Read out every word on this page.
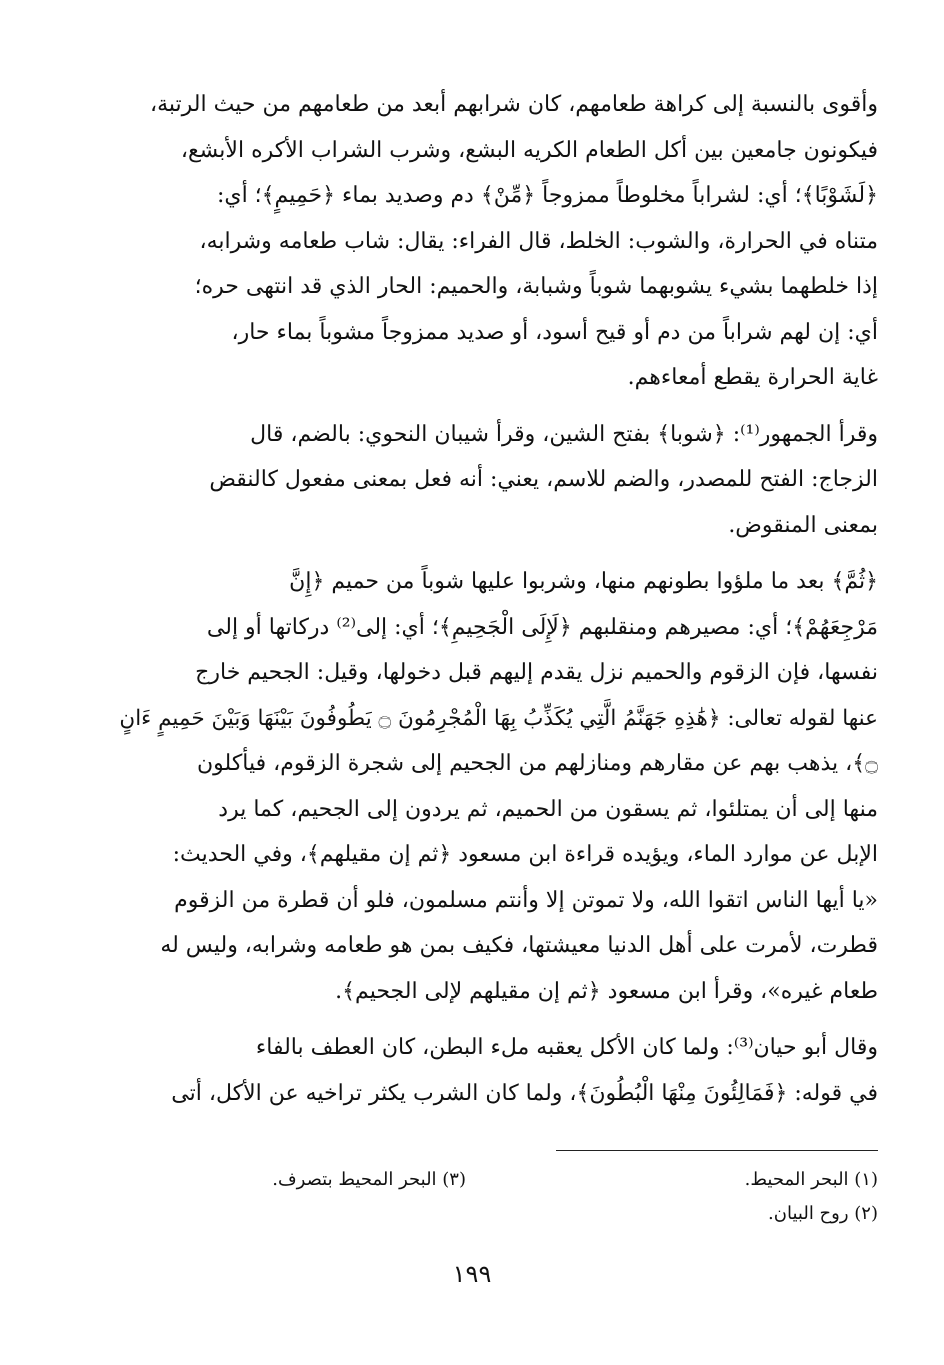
وأقوى بالنسبة إلى كراهة طعامهم، كان شرابهم أبعد من طعامهم من حيث الرتبة،
فيكونون جامعين بين أكل الطعام الكريه البشع، وشرب الشراب الأكره الأبشع،
﴿لَشَوْبًا﴾؛ أي: لشراباً مخلوطاً ممزوجاً ﴿مِّنْ﴾ دم وصديد بماء ﴿حَمِيمٍ﴾؛ أي:
متناه في الحرارة، والشوب: الخلط، قال الفراء: يقال: شاب طعامه وشرابه،
إذا خلطهما بشيء يشوبهما شوباً وشبابة، والحميم: الحار الذي قد انتهى حره؛
أي: إن لهم شراباً من دم أو قيح أسود، أو صديد ممزوجاً مشوباً بماء حار،
غاية الحرارة يقطع أمعاءهم.

وقرأ الجمهور⁽¹⁾: ﴿شوبا﴾ بفتح الشين، وقرأ شيبان النحوي: بالضم، قال
الزجاج: الفتح للمصدر، والضم للاسم، يعني: أنه فعل بمعنى مفعول كالنقض
بمعنى المنقوض.

﴿ثُمَّ﴾ بعد ما ملؤوا بطونهم منها، وشربوا عليها شوباً من حميم ﴿إِنَّ
مَرْجِعَهُمْ﴾؛ أي: مصيرهم ومنقلبهم ﴿لَإِلَى الْجَحِيمِ﴾؛ أي: إلى⁽²⁾ دركاتها أو إلى
نفسها، فإن الزقوم والحميم نزل يقدم إليهم قبل دخولها، وقيل: الجحيم خارج
عنها لقوله تعالى: ﴿هَٰذِهِ جَهَنَّمُ الَّتِي يُكَذِّبُ بِهَا الْمُجْرِمُونَ ۝ يَطُوفُونَ بَيْنَهَا وَبَيْنَ حَمِيمٍ ءَانٍ
۝﴾، يذهب بهم عن مقارهم ومنازلهم من الجحيم إلى شجرة الزقوم، فيأكلون
منها إلى أن يمتلئوا، ثم يسقون من الحميم، ثم يردون إلى الجحيم، كما يرد
الإبل عن موارد الماء، ويؤيده قراءة ابن مسعود ﴿ثم إن مقيلهم﴾، وفي الحديث:
«يا أيها الناس اتقوا الله، ولا تموتن إلا وأنتم مسلمون، فلو أن قطرة من الزقوم
قطرت، لأمرت على أهل الدنيا معيشتها، فكيف بمن هو طعامه وشرابه، وليس له
طعام غيره»، وقرأ ابن مسعود ﴿ثم إن مقيلهم لإلى الجحيم﴾.

وقال أبو حيان⁽³⁾: ولما كان الأكل يعقبه ملء البطن، كان العطف بالفاء
في قوله: ﴿فَمَالِئُونَ مِنْهَا الْبُطُونَ﴾، ولما كان الشرب يكثر تراخيه عن الأكل، أتى

(١) البحر المحيط.
(٣) البحر المحيط بتصرف.
(٢) روح البيان.
١٩٩
